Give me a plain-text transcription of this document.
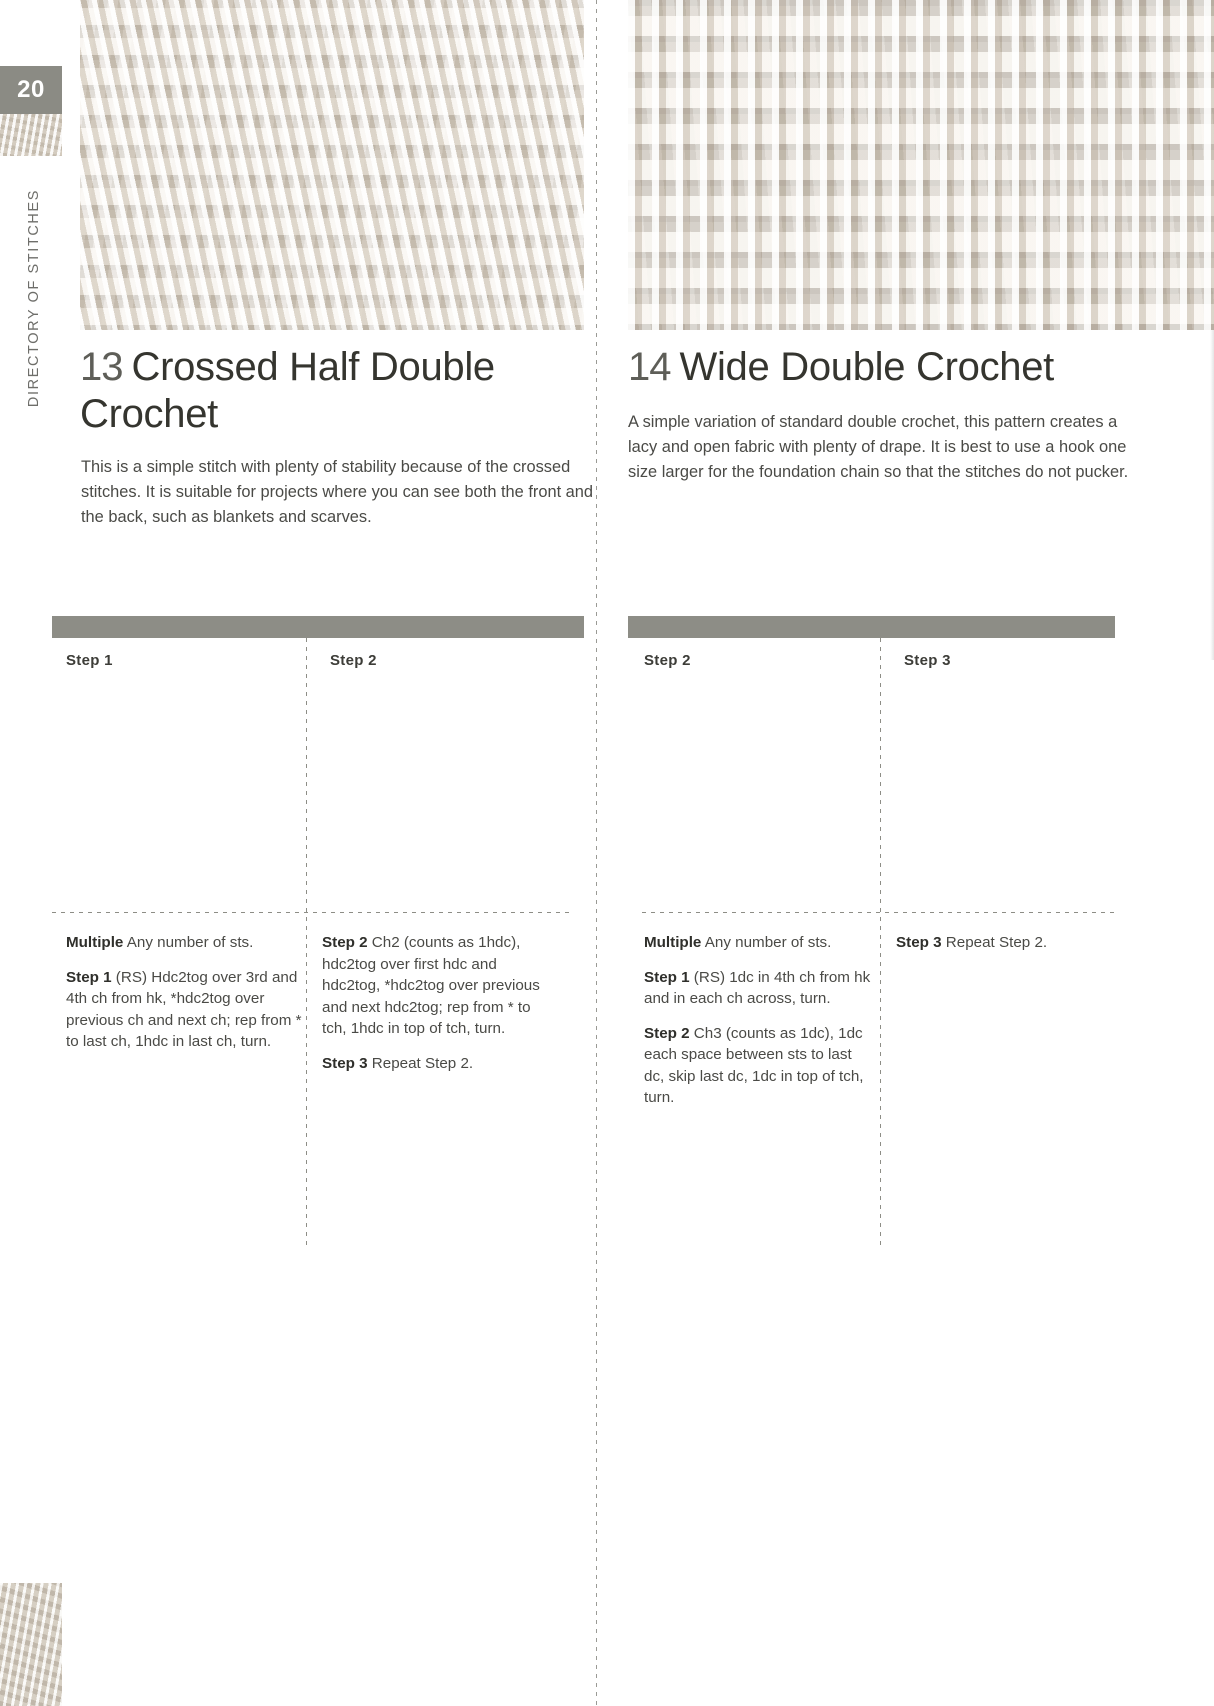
20
DIRECTORY OF STITCHES 13 Crossed Half Double Crochet

This is a simple stitch with plenty of stability because of the crossed stitches. It is suitable for projects where you can see both the front and the back, such as blankets and scarves.

Step 1	Step 2

Multiple Any number of sts.

Step 1 (RS) Hdc2tog over 3rd and 4th ch from hk, *hdc2tog over previous ch and next ch; rep from * to last ch, 1hdc in last ch, turn.

Step 2 Ch2 (counts as 1hdc), hdc2tog over first hdc and hdc2tog, *hdc2tog over previous and next hdc2tog; rep from * to tch, 1hdc in top of tch, turn.

Step 3 Repeat Step 2.

14 Wide Double Crochet

A simple variation of standard double crochet, this pattern creates a lacy and open fabric with plenty of drape. It is best to use a hook one size larger for the foundation chain so that the stitches do not pucker.

Step 2	Step 3

Multiple Any number of sts.

Step 1 (RS) 1dc in 4th ch from hk and in each ch across, turn.

Step 2 Ch3 (counts as 1dc), 1dc each space between sts to last dc, skip last dc, 1dc in top of tch, turn.

Step 3 Repeat Step 2.
